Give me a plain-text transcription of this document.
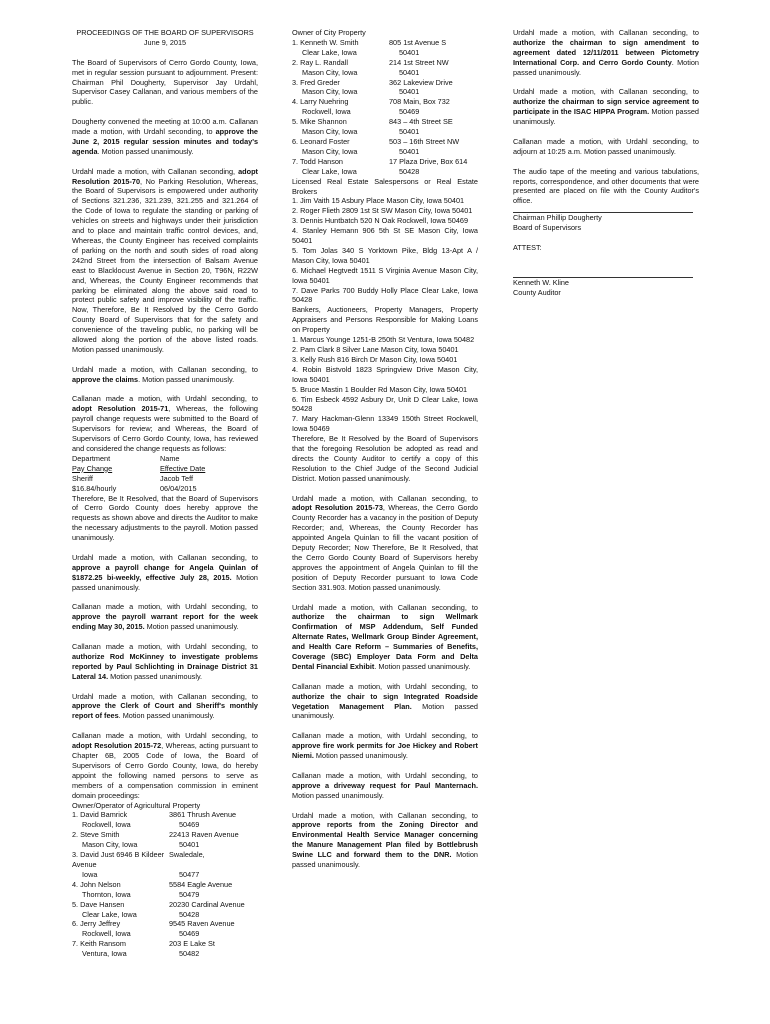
PROCEEDINGS OF THE BOARD OF SUPERVISORS
June 9, 2015

The Board of Supervisors of Cerro Gordo County, Iowa, met in regular session pursuant to adjournment. Present: Chairman Phil Dougherty, Supervisor Jay Urdahl, Supervisor Casey Callanan, and various members of the public.

Dougherty convened the meeting at 10:00 a.m. Callanan made a motion, with Urdahl seconding, to approve the June 2, 2015 regular session minutes and today's agenda. Motion passed unanimously.

Urdahl made a motion, with Callanan seconding, adopt Resolution 2015-70, No Parking Resolution, Whereas, the Board of Supervisors is empowered under authority of Sections 321.236, 321.239, 321.255 and 321.264 of the Code of Iowa to regulate the standing or parking of vehicles on streets and highways under their jurisdiction and to place and maintain traffic control devices, and, Whereas, the County Engineer has received complaints of parking on the north and south sides of road along 242nd Street from the intersection of Balsam Avenue east to Blacklocust Avenue in Section 20, T96N, R22W and, Whereas, the County Engineer recommends that parking be eliminated along the above said road to protect public safety and improve visibility of the traffic. Now, Therefore, Be It Resolved by the Cerro Gordo County Board of Supervisors that for the safety and convenience of the traveling public, no parking will be allowed along the portion of the above listed roads. Motion passed unanimously.

Urdahl made a motion, with Callanan seconding, to approve the claims. Motion passed unanimously.

Callanan made a motion, with Urdahl seconding, to adopt Resolution 2015-71, Whereas, the following payroll change requests were submitted to the Board of Supervisors for review; and Whereas, the Board of Supervisors of Cerro Gordo County, Iowa, has reviewed and considered the change requests as follows:

Department	Name
Pay Change	Effective Date
Sheriff	Jacob Teff
$16.84/hourly	06/04/2015

Therefore, Be It Resolved, that the Board of Supervisors of Cerro Gordo County does hereby approve the requests as shown above and directs the Auditor to make the necessary adjustments to the payroll. Motion passed unanimously.

Urdahl made a motion, with Callanan seconding, to approve a payroll change for Angela Quinlan of $1872.25 bi-weekly, effective July 28, 2015. Motion passed unanimously.

Callanan made a motion, with Urdahl seconding, to approve the payroll warrant report for the week ending May 30, 2015. Motion passed unanimously.

Callanan made a motion, with Urdahl seconding, to authorize Rod McKinney to investigate problems reported by Paul Schlichting in Drainage District 31 Lateral 14. Motion passed unanimously.

Urdahl made a motion, with Callanan seconding, to approve the Clerk of Court and Sheriff's monthly report of fees. Motion passed unanimously.

Callanan made a motion, with Urdahl seconding, to adopt Resolution 2015-72, Whereas, acting pursuant to Chapter 6B, 2005 Code of Iowa, the Board of Supervisors of Cerro Gordo County, Iowa, do hereby appoint the following named persons to serve as members of a compensation commission in eminent domain proceedings:

Owner/Operator of Agricultural Property
1. David Bamrick	3861 Thrush Avenue
Rockwell, Iowa	50469
2. Steve Smith	22413 Raven Avenue
Mason City, Iowa	50401
3. David Just 6946 B Kildeer Avenue
Swaledale,
Iowa	50477
4. John Nelson	5584 Eagle Avenue
Thornton, Iowa	50479
5. Dave Hansen	20230 Cardinal Avenue
Clear Lake, Iowa	50428
6. Jerry Jeffrey	9545 Raven Avenue
Rockwell, Iowa	50469
7. Keith Ransom	203 E Lake St
Ventura, Iowa	50482
Owner of City Property
1. Kenneth W. Smith	805 1st Avenue S
Clear Lake, Iowa	50401
2. Ray L. Randall	214 1st Street NW
Mason City, Iowa	50401
3. Fred Greder	362 Lakeview Drive
Mason City, Iowa	50401
4. Larry Nuehring	708 Main, Box 732
Rockwell, Iowa	50469
5. Mike Shannon	843 – 4th Street SE
Mason City, Iowa	50401
6. Leonard Foster	503 – 16th Street NW
Mason City, Iowa	50401
7. Todd Hanson	17 Plaza Drive, Box 614
Clear Lake, Iowa	50428
Licensed Real Estate Salespersons or Real Estate Brokers
1. Jim Vaith 15 Asbury Place Mason City, Iowa 50401
2. Roger Flieth 2809 1st St SW Mason City, Iowa 50401
3. Dennis Huntbatch 520 N Oak Rockwell, Iowa 50469
4. Stanley Hemann 906 5th St SE Mason City, Iowa 50401
5. Tom Jolas 340 S Yorktown Pike, Bldg 13-Apt A / Mason City, Iowa 50401
6. Michael Hegtvedt 1511 S Virginia Avenue Mason City, Iowa 50401
7. Dave Parks 700 Buddy Holly Place Clear Lake, Iowa 50428
Bankers, Auctioneers, Property Managers, Property Appraisers and Persons Responsible for Making Loans on Property
1. Marcus Younge 1251-B 250th St Ventura, Iowa 50482
2. Pam Clark 8 Silver Lane Mason City, Iowa 50401
3. Kelly Rush 816 Birch Dr Mason City, Iowa 50401
4. Robin Bistvold 1823 Springview Drive Mason City, Iowa 50401
5. Bruce Mastin 1 Boulder Rd Mason City, Iowa 50401
6. Tim Esbeck 4592 Asbury Dr, Unit D Clear Lake, Iowa 50428
7. Mary Hackman-Glenn 13349 150th Street Rockwell, Iowa 50469

Therefore, Be It Resolved by the Board of Supervisors that the foregoing Resolution be adopted as read and directs the County Auditor to certify a copy of this Resolution to the Chief Judge of the Second Judicial District. Motion passed unanimously.

Urdahl made a motion, with Callanan seconding, to adopt Resolution 2015-73, Whereas, the Cerro Gordo County Recorder has a vacancy in the position of Deputy Recorder; and, Whereas, the County Recorder has appointed Angela Quinlan to fill the vacant position of Deputy Recorder; Now Therefore, Be It Resolved, that the Cerro Gordo County Board of Supervisors hereby approves the appointment of Angela Quinlan to fill the position of Deputy Recorder pursuant to Iowa Code Section 331.903. Motion passed unanimously.

Urdahl made a motion, with Callanan seconding, to authorize the chairman to sign Wellmark Confirmation of MSP Addendum, Self Funded Alternate Rates, Wellmark Group Binder Agreement, and Health Care Reform – Summaries of Benefits, Coverage (SBC) Employer Data Form and Delta Dental Financial Exhibit. Motion passed unanimously.

Callanan made a motion, with Urdahl seconding, to authorize the chair to sign Integrated Roadside Vegetation Management Plan. Motion passed unanimously.

Callanan made a motion, with Urdahl seconding, to approve fire work permits for Joe Hickey and Robert Niemi. Motion passed unanimously.

Callanan made a motion, with Urdahl seconding, to approve a driveway request for Paul Manternach. Motion passed unanimously.

Urdahl made a motion, with Callanan seconding, to approve reports from the Zoning Director and Environmental Health Service Manager concerning the Manure Management Plan filed by Bottlebrush Swine LLC and forward them to the DNR. Motion passed unanimously.

Urdahl made a motion, with Callanan seconding, to authorize the chairman to sign amendment to agreement dated 12/11/2011 between Pictometry International Corp. and Cerro Gordo County. Motion passed unanimously.

Urdahl made a motion, with Callanan seconding, to authorize the chairman to sign service agreement to participate in the ISAC HIPPA Program. Motion passed unanimously.

Callanan made a motion, with Urdahl seconding, to adjourn at 10:25 a.m. Motion passed unanimously.

The audio tape of the meeting and various tabulations, reports, correspondence, and other documents that were presented are placed on file with the County Auditor's office.

Chairman Phillip Dougherty
Board of Supervisors
ATTEST:
Kenneth W. Kline
County Auditor
